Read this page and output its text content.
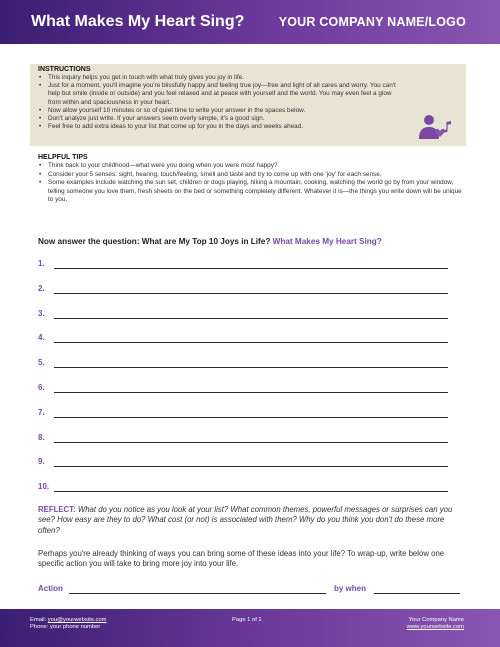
What Makes My Heart Sing?	YOUR COMPANY NAME/LOGO
INSTRUCTIONS
• This inquiry helps you get in touch with what truly gives you joy in life.
• Just for a moment, you'll imagine you're blissfully happy and feeling true joy—free and light of all cares and worry. You can't help but smile (inside or outside) and you feel relaxed and at peace with yourself and the world. You may even feel a glow from within and spaciousness in your heart.
• Now allow yourself 10 minutes or so of quiet time to write your answer in the spaces below.
• Don't analyze just write. If your answers seem overly simple, it's a good sign.
• Feel free to add extra ideas to your list that come up for you in the days and weeks ahead.
HELPFUL TIPS
• Think back to your childhood—what were you doing when you were most happy?
• Consider your 5 senses: sight, hearing, touch/feeling, smell and taste and try to come up with one 'joy' for each sense.
• Some examples include watching the sun set, children or dogs playing, hiking a mountain, cooking, watching the world go by from your window, telling someone you love them, fresh sheets on the bed or something completely different. Whatever it is—the things you write down will be unique to you.
Now answer the question: What are My Top 10 Joys in Life? What Makes My Heart Sing?
1.
2.
3.
4.
5.
6.
7.
8.
9.
10.
REFLECT: What do you notice as you look at your list? What common themes, powerful messages or surprises can you see? How easy are they to do? What cost (or not) is associated with them? Why do you think you don't do these more often?
Perhaps you're already thinking of ways you can bring some of these ideas into your life? To wrap-up, write below one specific action you will take to bring more joy into your life.
Action	by when
Email: you@yourwebsite.com
Phone: your phone number
Page 1 of 1	Your Company Name
www.yourwebsite.com
